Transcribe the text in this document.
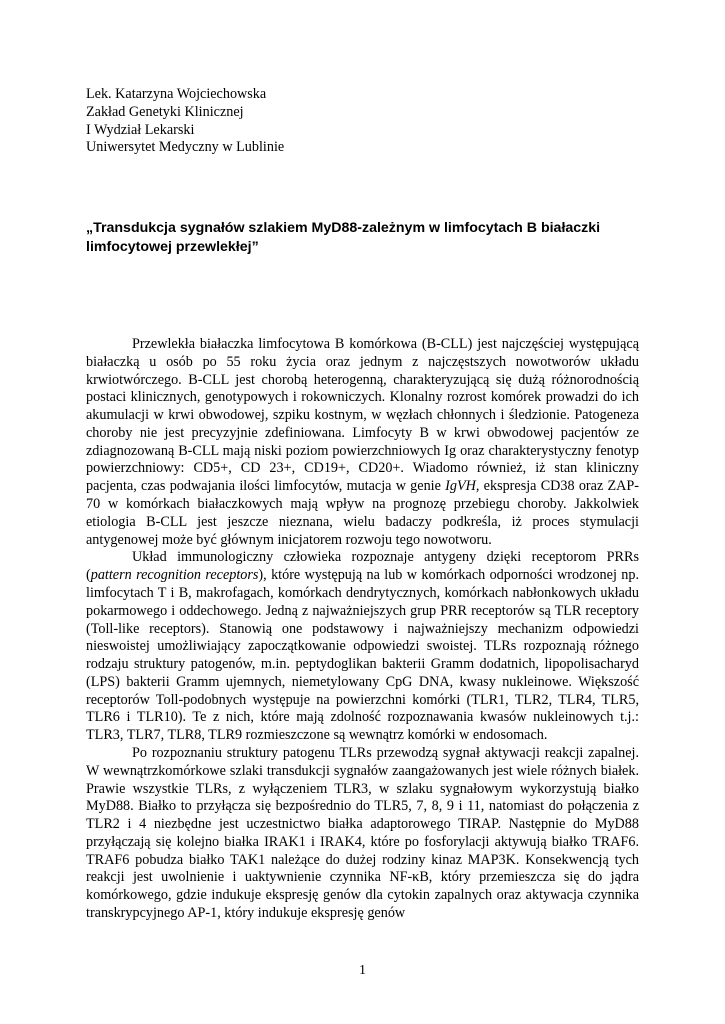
Lek. Katarzyna Wojciechowska
Zakład Genetyki Klinicznej
I Wydział Lekarski
Uniwersytet Medyczny w Lublinie
„Transdukcja sygnałów szlakiem MyD88-zależnym w limfocytach B białaczki limfocytowej przewlekłej”

Przewlekła białaczka limfocytowa B komórkowa (B-CLL) jest najczęściej występującą białaczką u osób po 55 roku życia oraz jednym z najczęstszych nowotworów układu krwiotwórczego. B-CLL jest chorobą heterogenną, charakteryzującą się dużą różnorodnością postaci klinicznych, genotypowych i rokowniczych. Klonalny rozrost komórek prowadzi do ich akumulacji w krwi obwodowej, szpiku kostnym, w węzłach chłonnych i śledzionie. Patogeneza choroby nie jest precyzyjnie zdefiniowana. Limfocyty B w krwi obwodowej pacjentów ze zdiagnozowaną B-CLL mają niski poziom powierzchniowych Ig oraz charakterystyczny fenotyp powierzchniowy: CD5+, CD 23+, CD19+, CD20+. Wiadomo również, iż stan kliniczny pacjenta, czas podwajania ilości limfocytów, mutacja w genie IgVH, ekspresja CD38 oraz ZAP-70 w komórkach białaczkowych mają wpływ na prognozę przebiegu choroby. Jakkolwiek etiologia B-CLL jest jeszcze nieznana, wielu badaczy podkreśla, iż proces stymulacji antygenowej może być głównym inicjatorem rozwoju tego nowotworu.

Układ immunologiczny człowieka rozpoznaje antygeny dzięki receptorom PRRs (pattern recognition receptors), które występują na lub w komórkach odporności wrodzonej np. limfocytach T i B, makrofagach, komórkach dendrytycznych, komórkach nabłonkowych układu pokarmowego i oddechowego. Jedną z najważniejszych grup PRR receptorów są TLR receptory (Toll-like receptors). Stanowią one podstawowy i najważniejszy mechanizm odpowiedzi nieswoistej umożliwiający zapoczątkowanie odpowiedzi swoistej. TLRs rozpoznają różnego rodzaju struktury patogenów, m.in. peptydoglikan bakterii Gramm dodatnich, lipopolisacharyd (LPS) bakterii Gramm ujemnych, niemetylowany CpG DNA, kwasy nukleinowe. Większość receptorów Toll-podobnych występuje na powierzchni komórki (TLR1, TLR2, TLR4, TLR5, TLR6 i TLR10). Te z nich, które mają zdolność rozpoznawania kwasów nukleinowych t.j.: TLR3, TLR7, TLR8, TLR9 rozmieszczone są wewnątrz komórki w endosomach.

Po rozpoznaniu struktury patogenu TLRs przewodzą sygnał aktywacji reakcji zapalnej. W wewnątrzkomórkowe szlaki transdukcji sygnałów zaangażowanych jest wiele różnych białek. Prawie wszystkie TLRs, z wyłączeniem TLR3, w szlaku sygnałowym wykorzystują białko MyD88. Białko to przyłącza się bezpośrednio do TLR5, 7, 8, 9 i 11, natomiast do połączenia z TLR2 i 4 niezbędne jest uczestnictwo białka adaptorowego TIRAP. Następnie do MyD88 przyłączają się kolejno białka IRAK1 i IRAK4, które po fosforylacji aktywują białko TRAF6. TRAF6 pobudza białko TAK1 należące do dużej rodziny kinaz MAP3K. Konsekwencją tych reakcji jest uwolnienie i uaktywnienie czynnika NF-κB, który przemieszcza się do jądra komórkowego, gdzie indukuje ekspresję genów dla cytokin zapalnych oraz aktywacja czynnika transkrypcyjnego AP-1, który indukuje ekspresję genów

1
